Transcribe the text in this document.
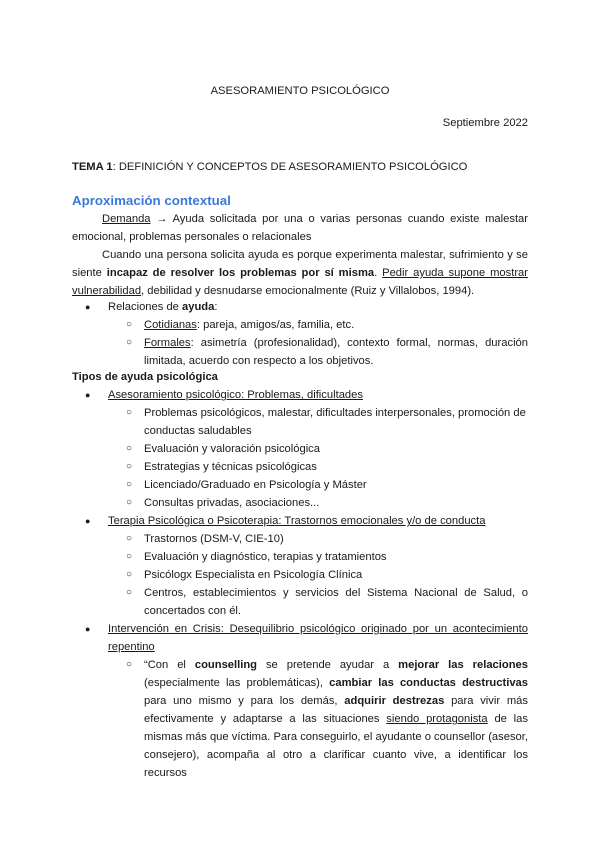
ASESORAMIENTO PSICOLÓGICO
Septiembre 2022
TEMA 1: DEFINICIÓN Y CONCEPTOS DE ASESORAMIENTO PSICOLÓGICO
Aproximación contextual
Demanda → Ayuda solicitada por una o varias personas cuando existe malestar emocional, problemas personales o relacionales
Cuando una persona solicita ayuda es porque experimenta malestar, sufrimiento y se siente incapaz de resolver los problemas por sí misma. Pedir ayuda supone mostrar vulnerabilidad, debilidad y desnudarse emocionalmente (Ruiz y Villalobos, 1994).
● Relaciones de ayuda:
○ Cotidianas: pareja, amigos/as, familia, etc.
○ Formales: asimetría (profesionalidad), contexto formal, normas, duración limitada, acuerdo con respecto a los objetivos.
Tipos de ayuda psicológica
● Asesoramiento psicológico: Problemas, dificultades
○ Problemas psicológicos, malestar, dificultades interpersonales, promoción de conductas saludables
○ Evaluación y valoración psicológica
○ Estrategias y técnicas psicológicas
○ Licenciado/Graduado en Psicología y Máster
○ Consultas privadas, asociaciones...
● Terapia Psicológica o Psicoterapia: Trastornos emocionales y/o de conducta
○ Trastornos (DSM-V, CIE-10)
○ Evaluación y diagnóstico, terapias y tratamientos
○ Psicólogx Especialista en Psicología Clínica
○ Centros, establecimientos y servicios del Sistema Nacional de Salud, o concertados con él.
● Intervención en Crisis: Desequilibrio psicológico originado por un acontecimiento repentino
○ “Con el counselling se pretende ayudar a mejorar las relaciones (especialmente las problemáticas), cambiar las conductas destructivas para uno mismo y para los demás, adquirir destrezas para vivir más efectivamente y adaptarse a las situaciones siendo protagonista de las mismas más que víctima. Para conseguirlo, el ayudante o counsellor (asesor, consejero), acompaña al otro a clarificar cuanto vive, a identificar los recursos
